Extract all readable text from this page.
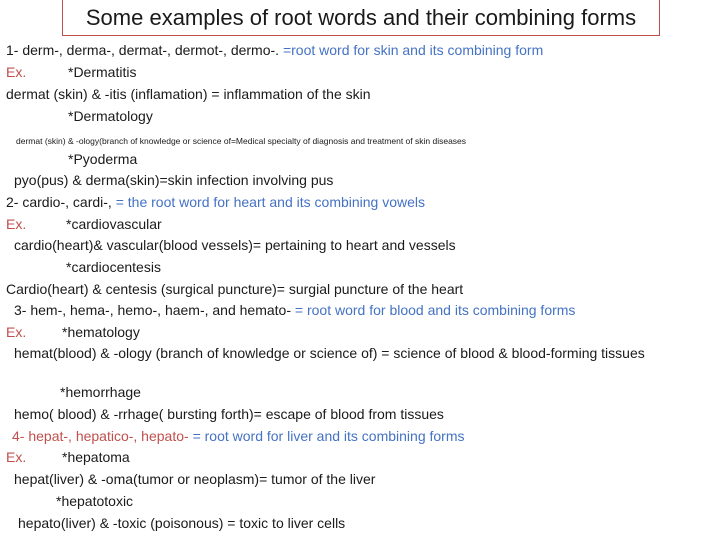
Some examples of root words and their combining forms
1- derm-, derma-, dermat-, dermot-, dermo-. =root word for skin and its combining form
Ex.	*Dermatitis
dermat (skin) & -itis (inflamation) = inflammation of the skin
*Dermatology
dermat (skin) & -ology(branch of knowledge or science of=Medical specialty of diagnosis and treatment of skin diseases
*Pyoderma
pyo(pus) & derma(skin)=skin infection involving pus
2- cardio-, cardi-, = the root word for heart and its combining vowels
Ex.	*cardiovascular
cardio(heart)& vascular(blood vessels)= pertaining to heart and vessels
*cardiocentesis
Cardio(heart) & centesis (surgical puncture)= surgial puncture of the heart
3- hem-, hema-, hemo-, haem-, and hemato- = root word for blood and its combining forms
Ex.	*hematology
hemat(blood) & -ology (branch of knowledge or science of) = science of blood & blood-forming tissues
*hemorrhage
hemo( blood) & -rrhage( bursting forth)= escape of blood from tissues
4- hepat-, hepatico-, hepato- = root word for liver and its combining forms
Ex.	*hepatoma
hepat(liver) & -oma(tumor or neoplasm)= tumor of the liver
*hepatotoxic
hepato(liver) & -toxic (poisonous) = toxic to liver cells
